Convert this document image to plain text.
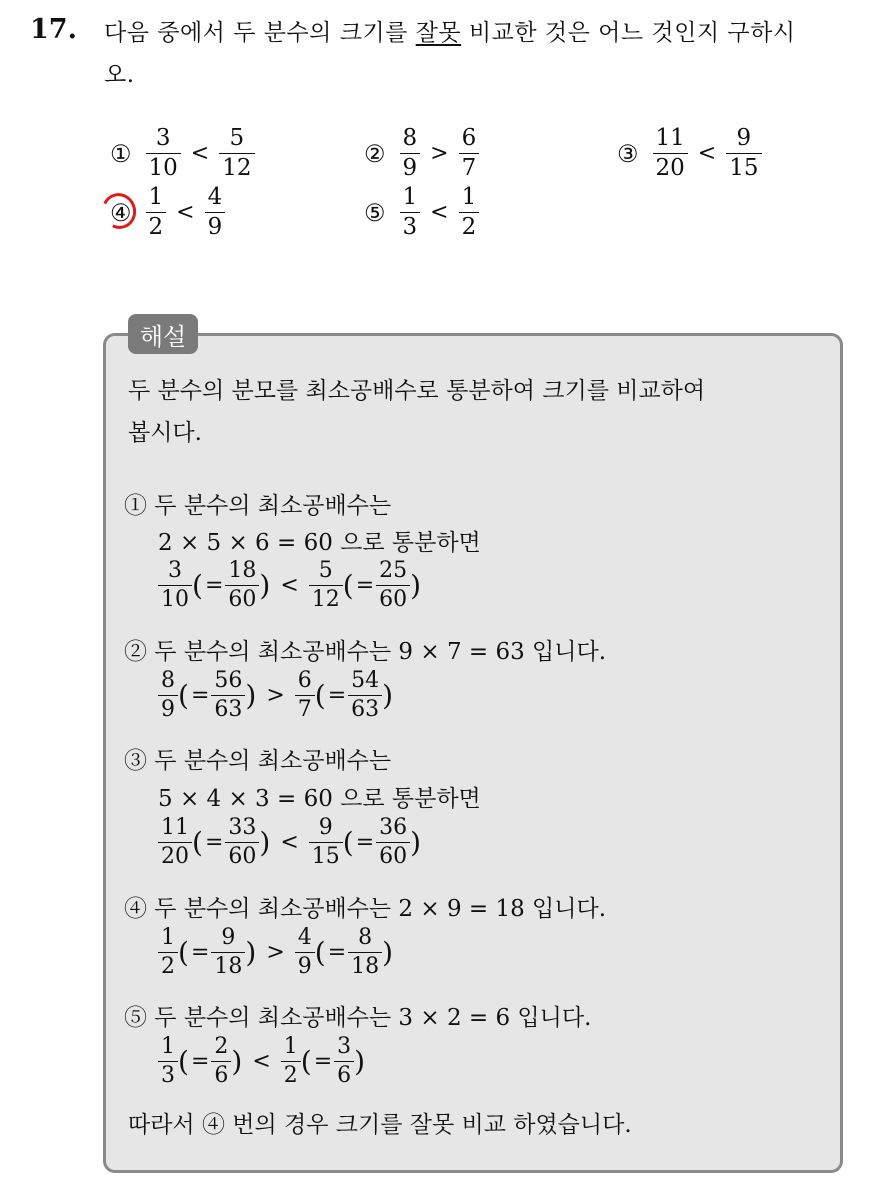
17. 다음 중에서 두 분수의 크기를 잘못 비교한 것은 어느 것인지 구하시
오.
① $\frac{3}{10} < \frac{5}{12}$	② $\frac{8}{9} > \frac{6}{7}$	③ $\frac{11}{20} < \frac{9}{15}$
④ $\frac{1}{2} < \frac{4}{9}$	⑤ $\frac{1}{3} < \frac{1}{2}$
해설
두 분수의 분모를 최소공배수로 통분하여 크기를 비교하여
봅시다.
① 두 분수의 최소공배수는
2 × 5 × 6 = 60 으로 통분하면
$\frac{3}{10}$ ( = $\frac{18}{60}$ ) < $\frac{5}{12}$ ( = $\frac{25}{60}$ )
② 두 분수의 최소공배수는 9 × 7 = 63 입니다.
$\frac{8}{9}$ ( = $\frac{56}{63}$ ) > $\frac{6}{7}$ ( = $\frac{54}{63}$ )
③ 두 분수의 최소공배수는
5 × 4 × 3 = 60 으로 통분하면
$\frac{11}{20}$ ( = $\frac{33}{60}$ ) < $\frac{9}{15}$ ( = $\frac{36}{60}$ )
④ 두 분수의 최소공배수는 2 × 9 = 18 입니다.
$\frac{1}{2}$ ( = $\frac{9}{18}$ ) > $\frac{4}{9}$ ( = $\frac{8}{18}$ )
⑤ 두 분수의 최소공배수는 3 × 2 = 6 입니다.
$\frac{1}{3}$ ( = $\frac{2}{6}$ ) < $\frac{1}{2}$ ( = $\frac{3}{6}$ )
따라서 ④ 번의 경우 크기를 잘못 비교 하였습니다.
